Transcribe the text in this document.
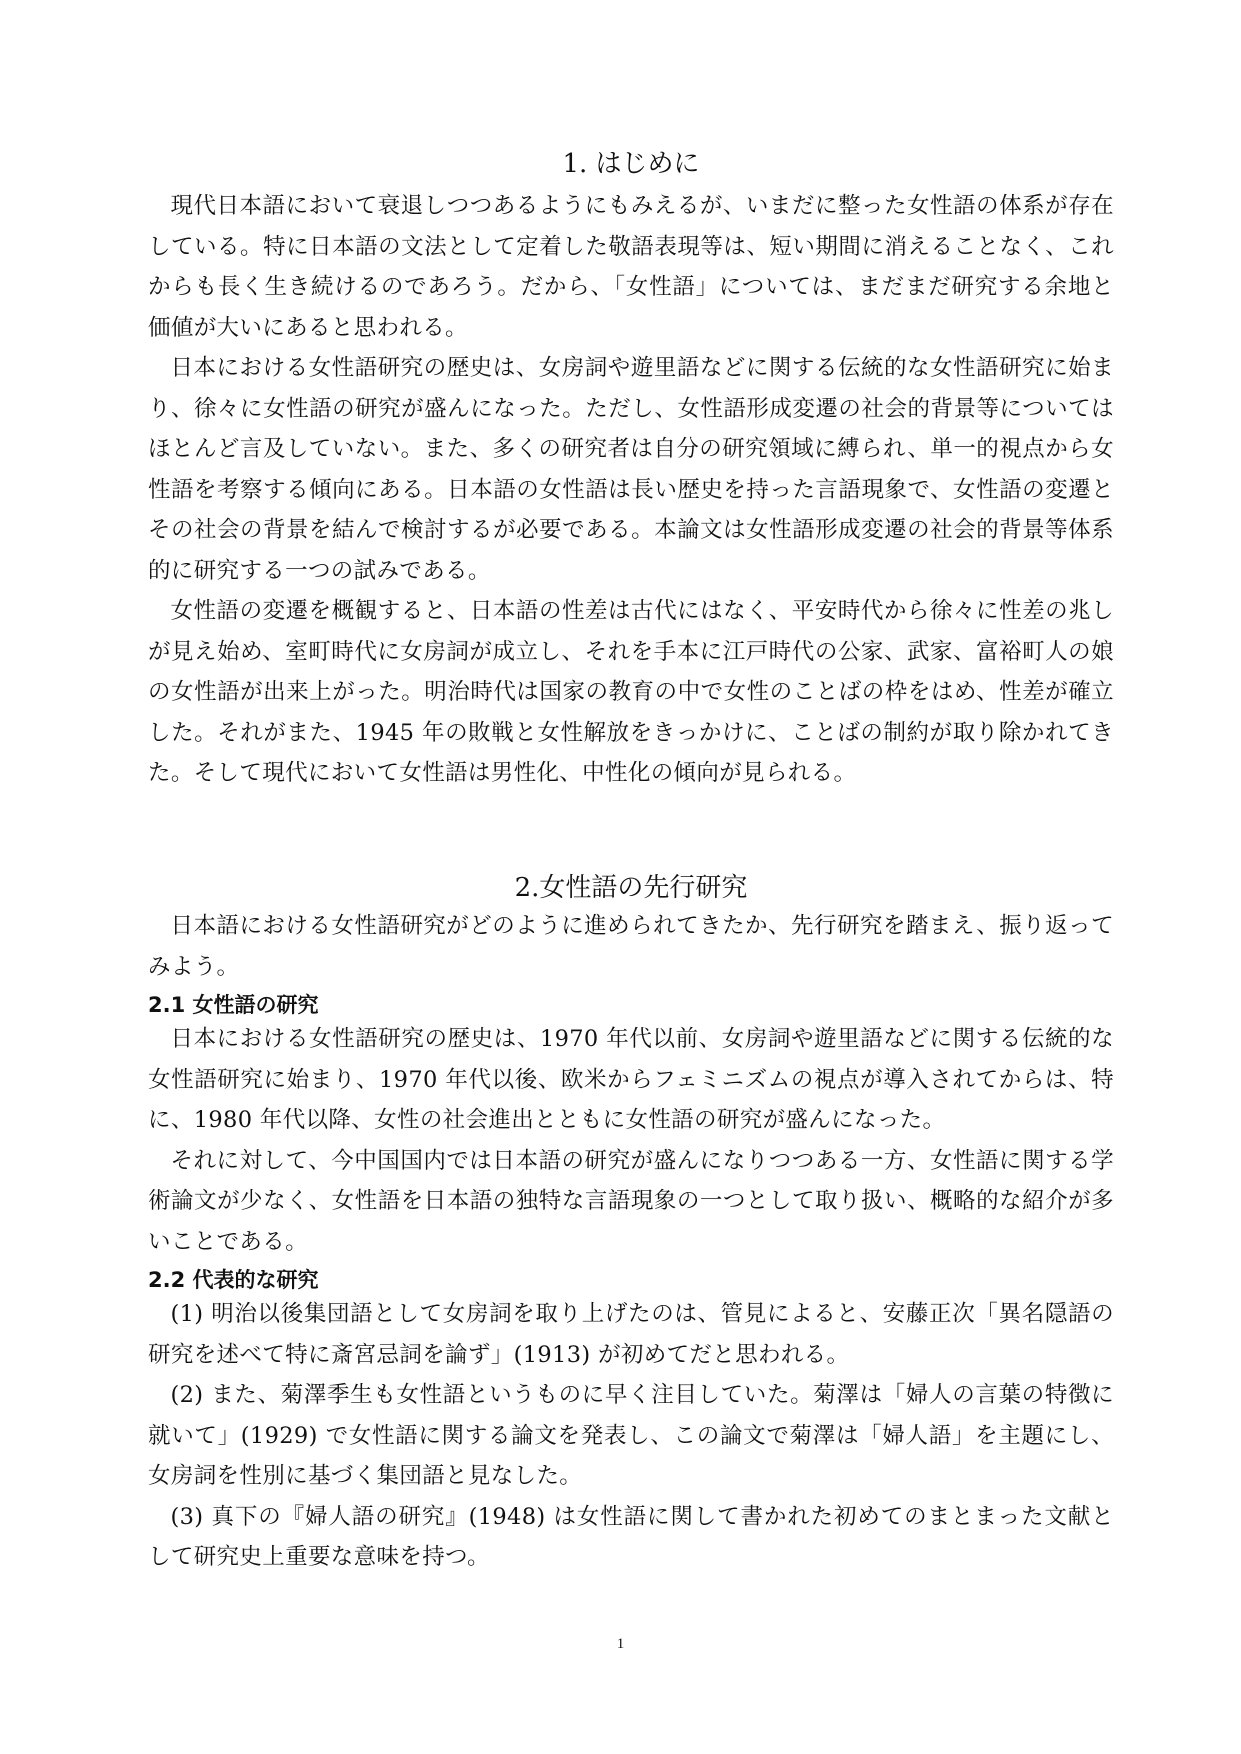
1. はじめに

現代日本語において衰退しつつあるようにもみえるが、いまだに整った女性語の体系が存在している。特に日本語の文法として定着した敬語表現等は、短い期間に消えることなく、これからも長く生き続けるのであろう。だから、「女性語」については、まだまだ研究する余地と価値が大いにあると思われる。

日本における女性語研究の歴史は、女房詞や遊里語などに関する伝統的な女性語研究に始まり、徐々に女性語の研究が盛んになった。ただし、女性語形成変遷の社会的背景等についてはほとんど言及していない。また、多くの研究者は自分の研究領域に縛られ、単一的視点から女性語を考察する傾向にある。日本語の女性語は長い歴史を持った言語現象で、女性語の変遷とその社会の背景を結んで検討するが必要である。本論文は女性語形成変遷の社会的背景等体系的に研究する一つの試みである。

女性語の変遷を概観すると、日本語の性差は古代にはなく、平安時代から徐々に性差の兆しが見え始め、室町時代に女房詞が成立し、それを手本に江戸時代の公家、武家、富裕町人の娘の女性語が出来上がった。明治時代は国家の教育の中で女性のことばの枠をはめ、性差が確立した。それがまた、1945 年の敗戦と女性解放をきっかけに、ことばの制約が取り除かれてきた。そして現代において女性語は男性化、中性化の傾向が見られる。

2.女性語の先行研究

日本語における女性語研究がどのように進められてきたか、先行研究を踏まえ、振り返ってみよう。

2.1 女性語の研究

日本における女性語研究の歴史は、1970 年代以前、女房詞や遊里語などに関する伝統的な女性語研究に始まり、1970 年代以後、欧米からフェミニズムの視点が導入されてからは、特に、1980 年代以降、女性の社会進出とともに女性語の研究が盛んになった。

それに対して、今中国国内では日本語の研究が盛んになりつつある一方、女性語に関する学術論文が少なく、女性語を日本語の独特な言語現象の一つとして取り扱い、概略的な紹介が多いことである。

2.2 代表的な研究

(1) 明治以後集団語として女房詞を取り上げたのは、管見によると、安藤正次「異名隠語の研究を述べて特に斎宮忌詞を論ず」(1913) が初めてだと思われる。

(2) また、菊澤季生も女性語というものに早く注目していた。菊澤は「婦人の言葉の特徴に就いて」(1929) で女性語に関する論文を発表し、この論文で菊澤は「婦人語」を主題にし、女房詞を性別に基づく集団語と見なした。

(3) 真下の『婦人語の研究』(1948) は女性語に関して書かれた初めてのまとまった文献として研究史上重要な意味を持つ。

1
